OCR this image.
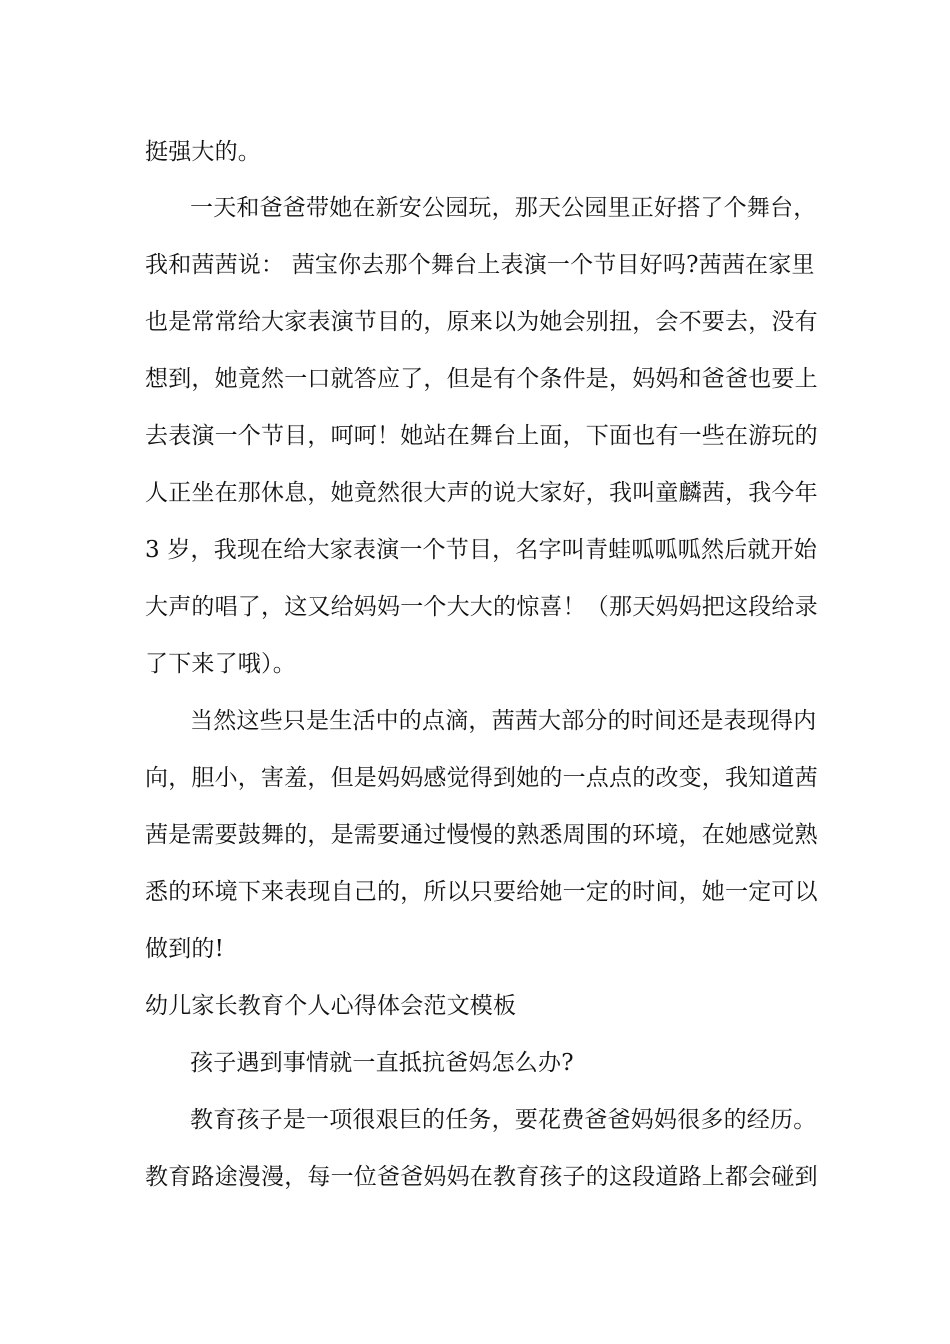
挺强大的。
一天和爸爸带她在新安公园玩，那天公园里正好搭了个舞台，
我和茜茜说： 茜宝你去那个舞台上表演一个节目好吗?茜茜在家里
也是常常给大家表演节目的，原来以为她会别扭，会不要去，没有
想到，她竟然一口就答应了，但是有个条件是，妈妈和爸爸也要上
去表演一个节目，呵呵！她站在舞台上面，下面也有一些在游玩的
人正坐在那休息，她竟然很大声的说大家好，我叫童麟茜，我今年
3 岁，我现在给大家表演一个节目，名字叫青蛙呱呱呱然后就开始
大声的唱了，这又给妈妈一个大大的惊喜！（那天妈妈把这段给录
了下来了哦）。
当然这些只是生活中的点滴，茜茜大部分的时间还是表现得内
向，胆小，害羞，但是妈妈感觉得到她的一点点的改变，我知道茜
茜是需要鼓舞的，是需要通过慢慢的熟悉周围的环境，在她感觉熟
悉的环境下来表现自己的，所以只要给她一定的时间，她一定可以
做到的!
幼儿家长教育个人心得体会范文模板
孩子遇到事情就一直抵抗爸妈怎么办?
教育孩子是一项很艰巨的任务，要花费爸爸妈妈很多的经历。
教育路途漫漫，每一位爸爸妈妈在教育孩子的这段道路上都会碰到
